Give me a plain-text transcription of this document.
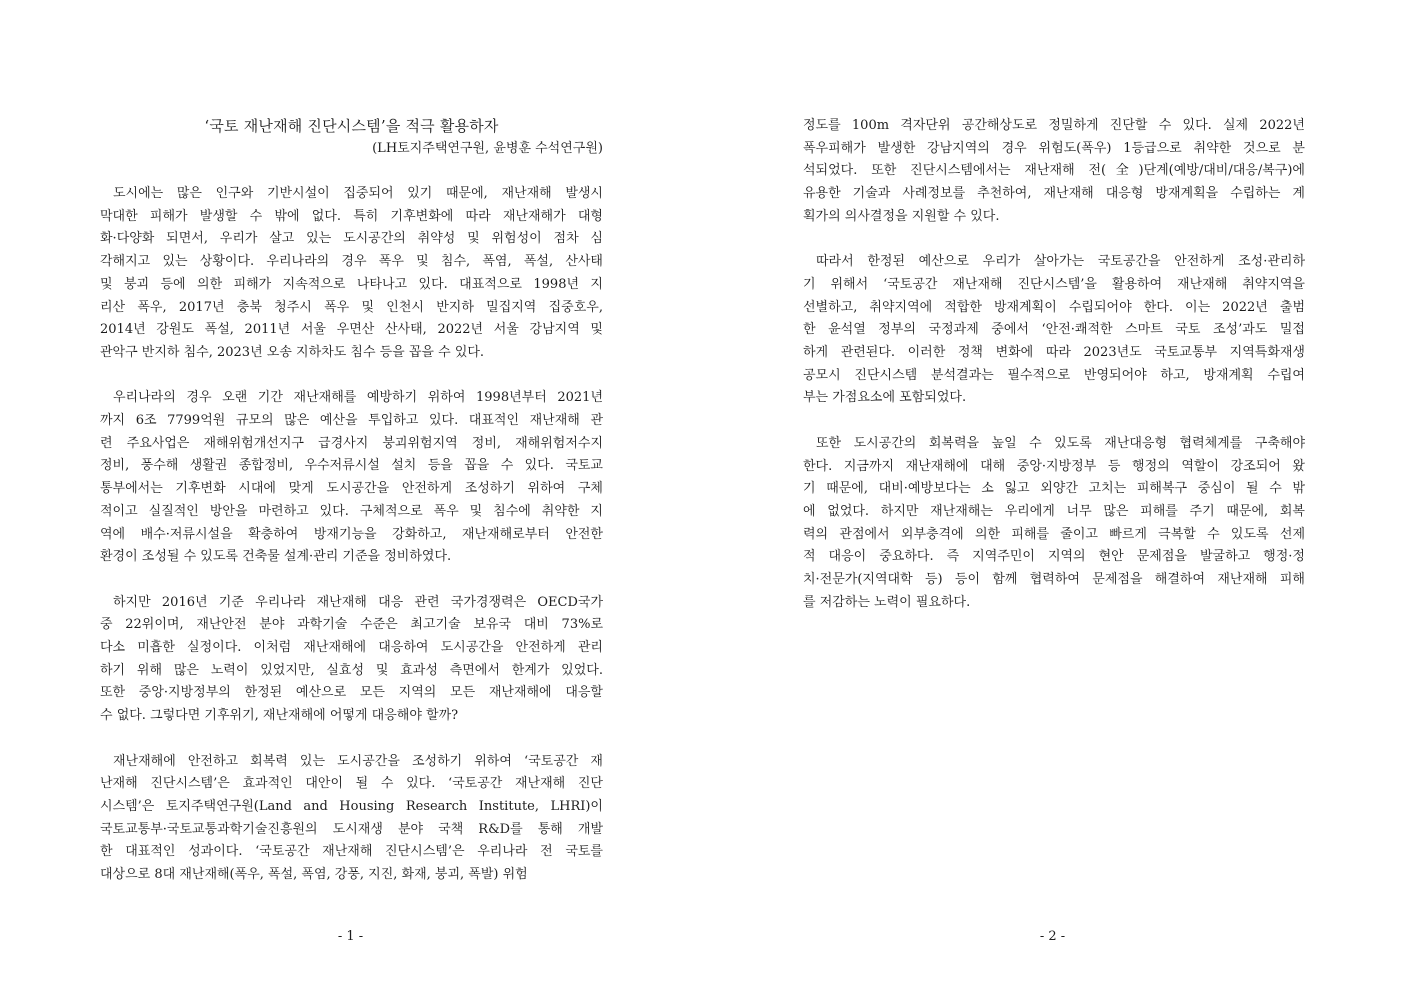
‘국토 재난재해 진단시스템’을 적극 활용하자
(LH토지주택연구원, 윤병훈 수석연구원)
도시에는 많은 인구와 기반시설이 집중되어 있기 때문에, 재난재해 발생시
막대한 피해가 발생할 수 밖에 없다. 특히 기후변화에 따라 재난재해가 대형
화·다양화 되면서, 우리가 살고 있는 도시공간의 취약성 및 위험성이 점차 심
각해지고 있는 상황이다. 우리나라의 경우 폭우 및 침수, 폭염, 폭설, 산사태
및 붕괴 등에 의한 피해가 지속적으로 나타나고 있다. 대표적으로 1998년 지
리산 폭우, 2017년 충북 청주시 폭우 및 인천시 반지하 밀집지역 집중호우,
2014년 강원도 폭설, 2011년 서울 우면산 산사태, 2022년 서울 강남지역 및
관악구 반지하 침수, 2023년 오송 지하차도 침수 등을 꼽을 수 있다.
우리나라의 경우 오랜 기간 재난재해를 예방하기 위하여 1998년부터 2021년
까지 6조 7799억원 규모의 많은 예산을 투입하고 있다. 대표적인 재난재해 관
련 주요사업은 재해위험개선지구 급경사지 붕괴위험지역 정비, 재해위험저수지
정비, 풍수해 생활권 종합정비, 우수저류시설 설치 등을 꼽을 수 있다. 국토교
통부에서는 기후변화 시대에 맞게 도시공간을 안전하게 조성하기 위하여 구체
적이고 실질적인 방안을 마련하고 있다. 구체적으로 폭우 및 침수에 취약한 지
역에 배수·저류시설을 확충하여 방재기능을 강화하고, 재난재해로부터 안전한
환경이 조성될 수 있도록 건축물 설계·관리 기준을 정비하였다.
하지만 2016년 기준 우리나라 재난재해 대응 관련 국가경쟁력은 OECD국가
중 22위이며, 재난안전 분야 과학기술 수준은 최고기술 보유국 대비 73%로
다소 미흡한 실정이다. 이처럼 재난재해에 대응하여 도시공간을 안전하게 관리
하기 위해 많은 노력이 있었지만, 실효성 및 효과성 측면에서 한계가 있었다.
또한 중앙·지방정부의 한정된 예산으로 모든 지역의 모든 재난재해에 대응할
수 없다. 그렇다면 기후위기, 재난재해에 어떻게 대응해야 할까?
재난재해에 안전하고 회복력 있는 도시공간을 조성하기 위하여 ‘국토공간 재
난재해 진단시스템’은 효과적인 대안이 될 수 있다. ‘국토공간 재난재해 진단
시스템’은 토지주택연구원(Land and Housing Research Institute, LHRI)이
국토교통부·국토교통과학기술진흥원의 도시재생 분야 국책 R&D를 통해 개발
한 대표적인 성과이다. ‘국토공간 재난재해 진단시스템’은 우리나라 전 국토를
대상으로 8대 재난재해(폭우, 폭설, 폭염, 강풍, 지진, 화재, 붕괴, 폭발) 위험
- 1 -
정도를 100m 격자단위 공간해상도로 정밀하게 진단할 수 있다. 실제 2022년
폭우피해가 발생한 강남지역의 경우 위험도(폭우) 1등급으로 취약한 것으로 분
석되었다. 또한 진단시스템에서는 재난재해 전(全)단계(예방/대비/대응/복구)에
유용한 기술과 사례정보를 추천하여, 재난재해 대응형 방재계획을 수립하는 계
획가의 의사결정을 지원할 수 있다.
따라서 한정된 예산으로 우리가 살아가는 국토공간을 안전하게 조성·관리하
기 위해서 ‘국토공간 재난재해 진단시스템’을 활용하여 재난재해 취약지역을
선별하고, 취약지역에 적합한 방재계획이 수립되어야 한다. 이는 2022년 출범
한 윤석열 정부의 국정과제 중에서 ‘안전·쾌적한 스마트 국토 조성’과도 밀접
하게 관련된다. 이러한 정책 변화에 따라 2023년도 국토교통부 지역특화재생
공모시 진단시스템 분석결과는 필수적으로 반영되어야 하고, 방재계획 수립여
부는 가점요소에 포함되었다.
또한 도시공간의 회복력을 높일 수 있도록 재난대응형 협력체계를 구축해야
한다. 지금까지 재난재해에 대해 중앙·지방정부 등 행정의 역할이 강조되어 왔
기 때문에, 대비·예방보다는 소 잃고 외양간 고치는 피해복구 중심이 될 수 밖
에 없었다. 하지만 재난재해는 우리에게 너무 많은 피해를 주기 때문에, 회복
력의 관점에서 외부충격에 의한 피해를 줄이고 빠르게 극복할 수 있도록 선제
적 대응이 중요하다. 즉 지역주민이 지역의 현안 문제점을 발굴하고 행정·정
치·전문가(지역대학 등) 등이 함께 협력하여 문제점을 해결하여 재난재해 피해
를 저감하는 노력이 필요하다.
- 2 -
